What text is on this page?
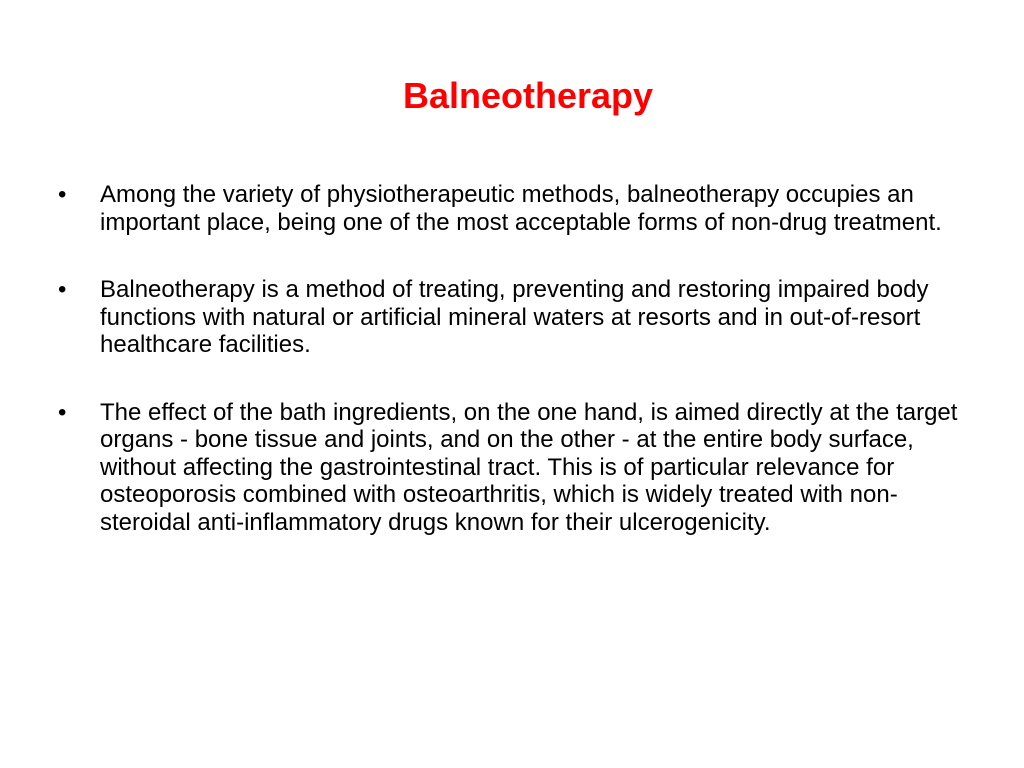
Balneotherapy
• Among the variety of physiotherapeutic methods, balneotherapy occupies an important place, being one of the most acceptable forms of non-drug treatment.
• Balneotherapy is a method of treating, preventing and restoring impaired body functions with natural or artificial mineral waters at resorts and in out-of-resort healthcare facilities.
• The effect of the bath ingredients, on the one hand, is aimed directly at the target organs - bone tissue and joints, and on the other - at the entire body surface, without affecting the gastrointestinal tract. This is of particular relevance for osteoporosis combined with osteoarthritis, which is widely treated with non-steroidal anti-inflammatory drugs known for their ulcerogenicity.
